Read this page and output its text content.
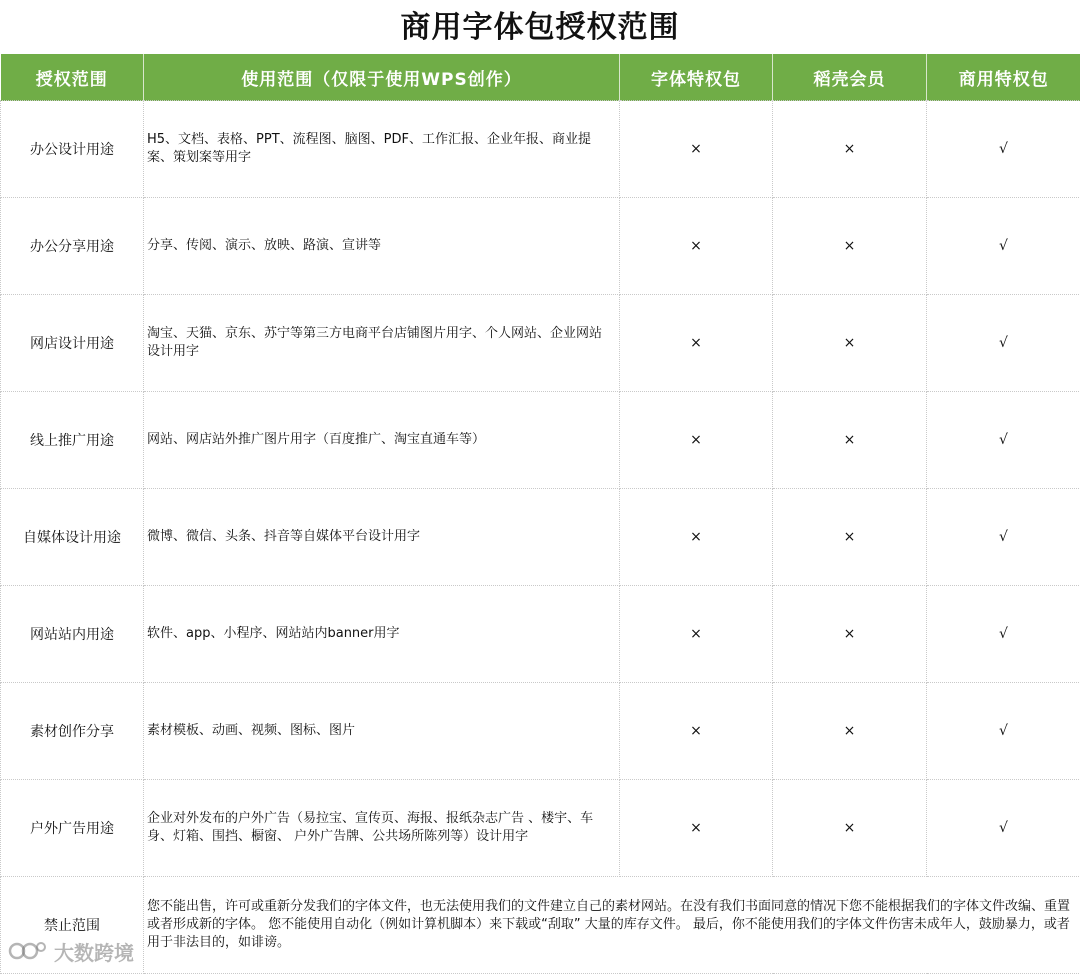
商用字体包授权范围
授权范围	使用范围（仅限于使用WPS创作）	字体特权包	稻壳会员	商用特权包
办公设计用途	H5、文档、表格、PPT、流程图、脑图、PDF、工作汇报、企业年报、商业提案、策划案等用字	×	×	√
办公分享用途	分享、传阅、演示、放映、路演、宣讲等	×	×	√
网店设计用途	淘宝、天猫、京东、苏宁等第三方电商平台店铺图片用字、个人网站、企业网站设计用字	×	×	√
线上推广用途	网站、网店站外推广图片用字（百度推广、淘宝直通车等）	×	×	√
自媒体设计用途	微博、微信、头条、抖音等自媒体平台设计用字	×	×	√
网站站内用途	软件、app、小程序、网站站内banner用字	×	×	√
素材创作分享	素材模板、动画、视频、图标、图片	×	×	√
户外广告用途	企业对外发布的户外广告（易拉宝、宣传页、海报、报纸杂志广告 、楼宇、车身、灯箱、围挡、橱窗、 户外广告牌、公共场所陈列等）设计用字	×	×	√
禁止范围	您不能出售，许可或重新分发我们的字体文件，也无法使用我们的文件建立自己的素材网站。在没有我们书面同意的情况下您不能根据我们的字体文件改编、重置 或者形成新的字体。 您不能使用自动化（例如计算机脚本）来下载或“刮取” 大量的库存文件。 最后，你不能使用我们的字体文件伤害未成年人，鼓励暴力，或者用于非法目的，如诽谤。			
大数跨境
